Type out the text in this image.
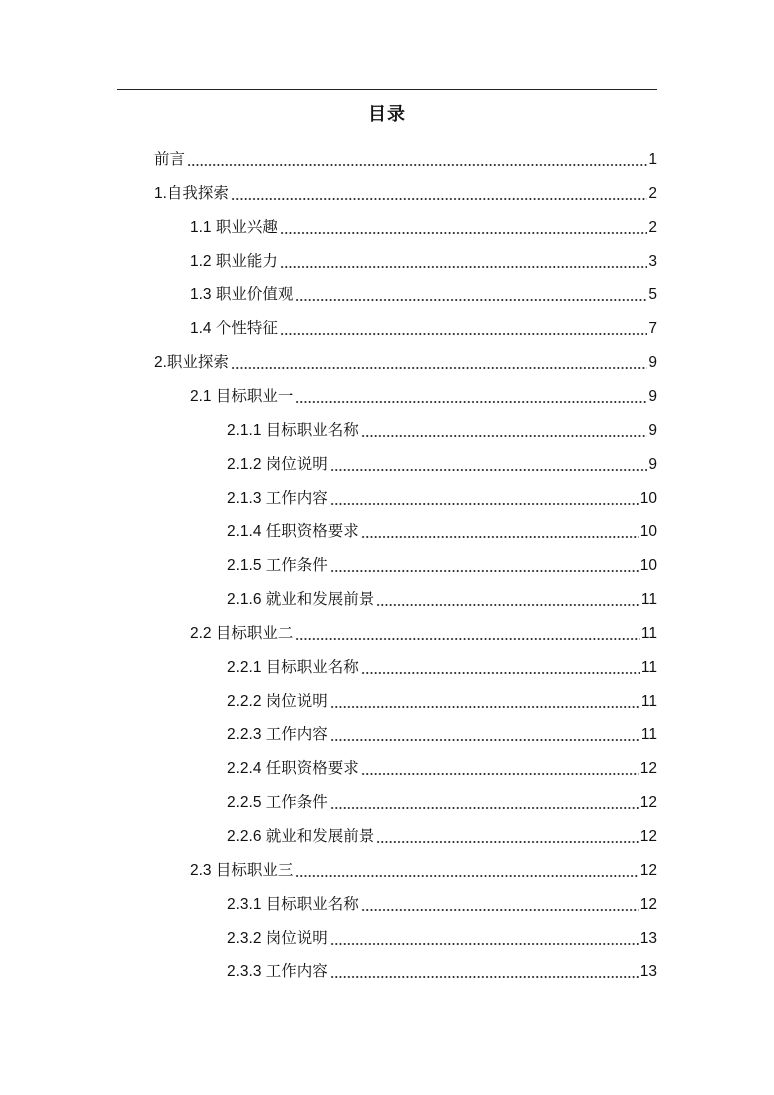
目录
前言	1
1.自我探索	2
1.1 职业兴趣	2
1.2 职业能力	3
1.3 职业价值观	5
1.4 个性特征	7
2.职业探索	9
2.1 目标职业一	9
2.1.1 目标职业名称	9
2.1.2 岗位说明	9
2.1.3 工作内容	10
2.1.4 任职资格要求	10
2.1.5 工作条件	10
2.1.6 就业和发展前景	11
2.2 目标职业二	11
2.2.1 目标职业名称	11
2.2.2 岗位说明	11
2.2.3 工作内容	11
2.2.4 任职资格要求	12
2.2.5 工作条件	12
2.2.6 就业和发展前景	12
2.3 目标职业三	12
2.3.1 目标职业名称	12
2.3.2 岗位说明	13
2.3.3 工作内容	13
